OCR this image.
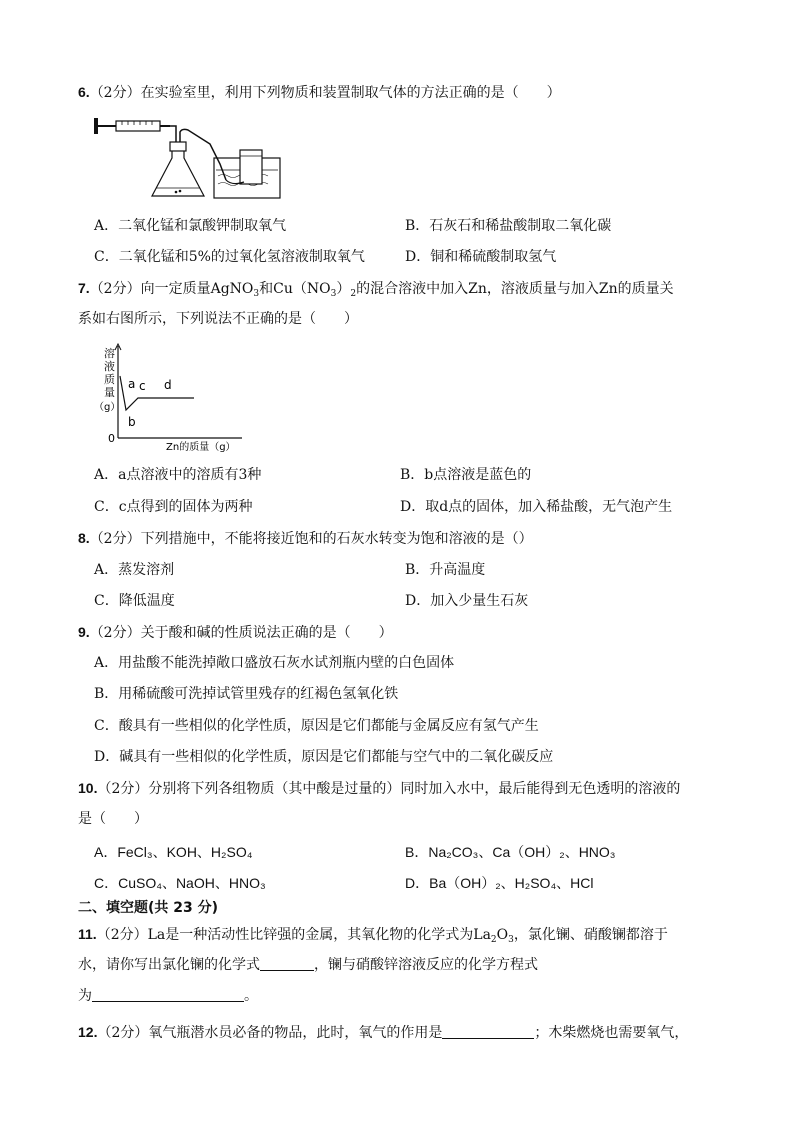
6.（2分）在实验室里，利用下列物质和装置制取气体的方法正确的是（　　）
A．二氧化锰和氯酸钾制取氧气	B．石灰石和稀盐酸制取二氧化碳
C．二氧化锰和5%的过氧化氢溶液制取氧气	D．铜和稀硫酸制取氢气
7.（2分）向一定质量AgNO$_3$和$Cu(NO_3)_2$的混合溶液中加入Zn，溶液质量与加入Zn的质量关
系如右图所示，下列说法不正确的是（　　）
溶
液
质
量
（g）
0
a
b
c d
Zn的质量（g）
A．a点溶液中的溶质有3种	B．b点溶液是蓝色的
C．c点得到的固体为两种	D．取d点的固体，加入稀盐酸，无气泡产生
8.（2分）下列措施中，不能将接近饱和的石灰水转变为饱和溶液的是（）
A．蒸发溶剂	B．升高温度
C．降低温度	D．加入少量生石灰
9.（2分）关于酸和碱的性质说法正确的是（　　）
A．用盐酸不能洗掉敞口盛放石灰水试剂瓶内壁的白色固体
B．用稀硫酸可洗掉试管里残存的红褐色氢氧化铁
C．酸具有一些相似的化学性质，原因是它们都能与金属反应有氢气产生
D．碱具有一些相似的化学性质，原因是它们都能与空气中的二氧化碳反应
10.（2分）分别将下列各组物质（其中酸是过量的）同时加入水中，最后能得到无色透明的溶液的
是（　　）
A．FeCl₃、KOH、H₂SO₄	B．Na₂CO₃、Ca（OH）₂、HNO₃
C．CuSO₄、NaOH、HNO₃	D．Ba（OH）₂、H₂SO₄、HCl
二、填空题(共 23 分)
11.（2分）La是一种活动性比锌强的金属，其氧化物的化学式为$La_2O_3$，氯化镧、硝酸镧都溶于
水，请你写出氯化镧的化学式	，镧与硝酸锌溶液反应的化学方程式
为	。
12.（2分）氧气瓶潜水员必备的物品，此时，氧气的作用是	；木柴燃烧也需要氧气，
